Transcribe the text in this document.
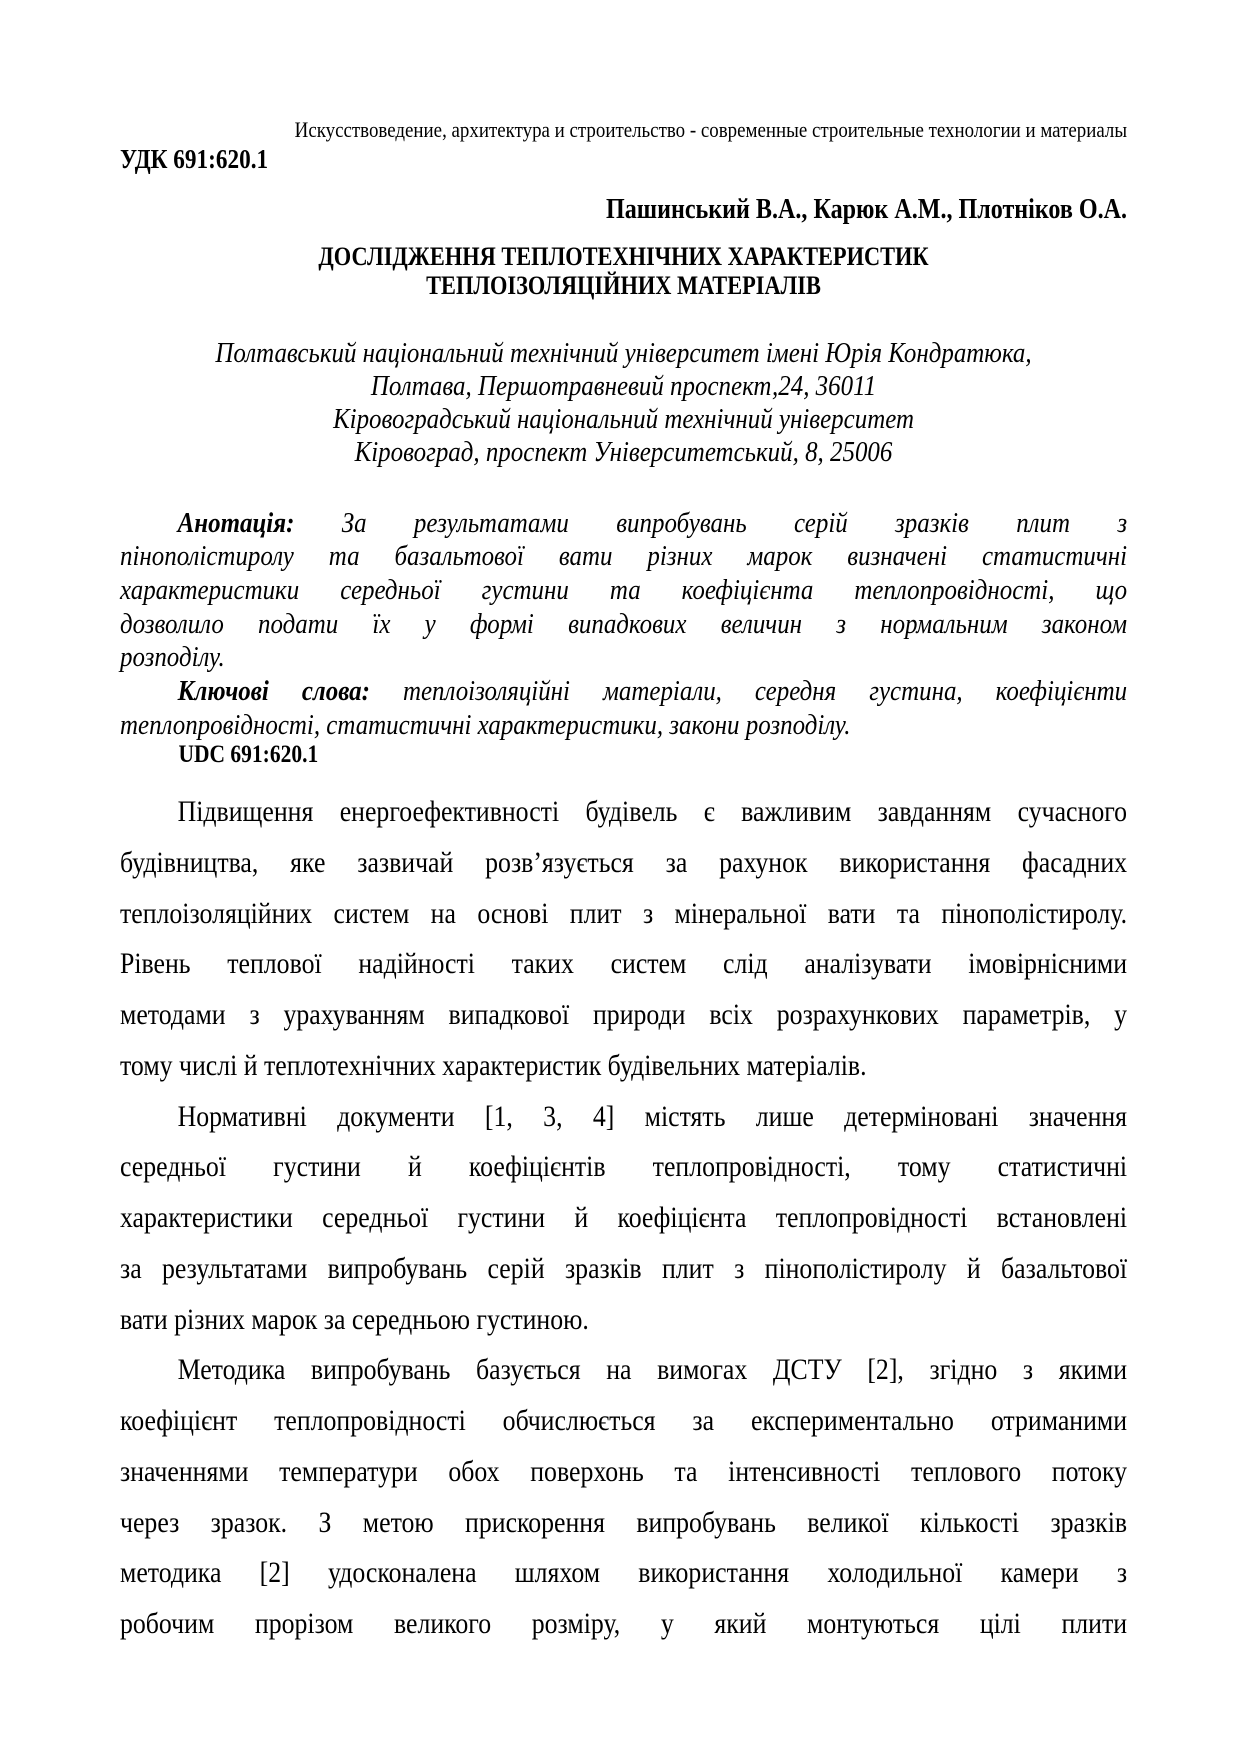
Искусствоведение, архитектура и строительство - современные строительные технологии и материалы
УДК 691:620.1
Пашинський В.А., Карюк А.М., Плотніков О.А.
ДОСЛІДЖЕННЯ ТЕПЛОТЕХНІЧНИХ ХАРАКТЕРИСТИК
ТЕПЛОІЗОЛЯЦІЙНИХ МАТЕРІАЛІВ
Полтавський національний технічний університет імені Юрія Кондратюка,
Полтава, Першотравневий проспект,24, 36011
Кіровоградський національний технічний університет
Кіровоград, проспект Університетський, 8, 25006
Анотація: За результатами випробувань серій зразків плит з
пінополістиролу та базальтової вати різних марок визначені статистичні
характеристики середньої густини та коефіцієнта теплопровідності, що
дозволило подати їх у формі випадкових величин з нормальним законом
розподілу.
Ключові слова: теплоізоляційні матеріали, середня густина, коефіцієнти
теплопровідності, статистичні характеристики, закони розподілу.
UDC 691:620.1
Підвищення енергоефективності будівель є важливим завданням сучасного
будівництва, яке зазвичай розв’язується за рахунок використання фасадних
теплоізоляційних систем на основі плит з мінеральної вати та пінополістиролу.
Рівень теплової надійності таких систем слід аналізувати імовірнісними
методами з урахуванням випадкової природи всіх розрахункових параметрів, у
тому числі й теплотехнічних характеристик будівельних матеріалів.
Нормативні документи [1, 3, 4] містять лише детерміновані значення
середньої густини й коефіцієнтів теплопровідності, тому статистичні
характеристики середньої густини й коефіцієнта теплопровідності встановлені
за результатами випробувань серій зразків плит з пінополістиролу й базальтової
вати різних марок за середньою густиною.
Методика випробувань базується на вимогах ДСТУ [2], згідно з якими
коефіцієнт теплопровідності обчислюється за експериментально отриманими
значеннями температури обох поверхонь та інтенсивності теплового потоку
через зразок. З метою прискорення випробувань великої кількості зразків
методика [2] удосконалена шляхом використання холодильної камери з
робочим прорізом великого розміру, у який монтуються цілі плити
